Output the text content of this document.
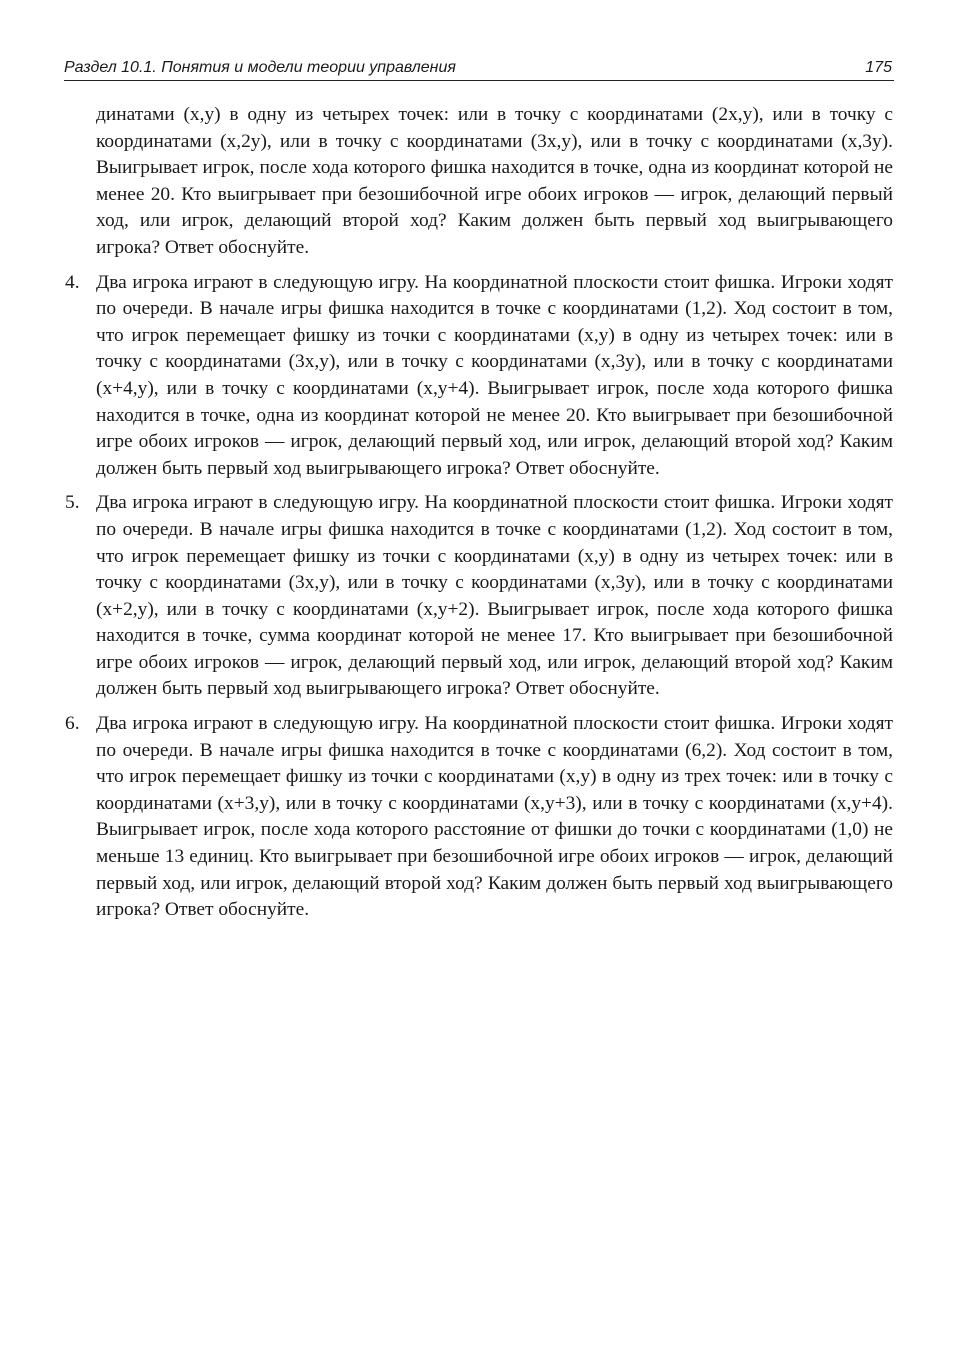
Раздел 10.1. Понятия и модели теории управления	175

динатами (x,y) в одну из четырех точек: или в точку с координатами (2x,y), или в точку с координатами (x,2y), или в точку с координатами (3x,y), или в точку с координатами (x,3y). Выигрывает игрок, после хода которого фишка находится в точке, одна из координат которой не менее 20. Кто выигрывает при безошибочной игре обоих игроков — игрок, делающий первый ход, или игрок, делающий второй ход? Каким должен быть первый ход выигрывающего игрока? Ответ обоснуйте.

4. Два игрока играют в следующую игру. На координатной плоскости стоит фишка. Игроки ходят по очереди. В начале игры фишка находится в точке с координатами (1,2). Ход состоит в том, что игрок перемещает фишку из точки с координатами (x,y) в одну из четырех точек: или в точку с координатами (3x,y), или в точку с координатами (x,3y), или в точку с координатами (x+4,y), или в точку с координатами (x,y+4). Выигрывает игрок, после хода которого фишка находится в точке, одна из координат которой не менее 20. Кто выигрывает при безошибочной игре обоих игроков — игрок, делающий первый ход, или игрок, делающий второй ход? Каким должен быть первый ход выигрывающего игрока? Ответ обоснуйте.
5. Два игрока играют в следующую игру. На координатной плоскости стоит фишка. Игроки ходят по очереди. В начале игры фишка находится в точке с координатами (1,2). Ход состоит в том, что игрок перемещает фишку из точки с координатами (x,y) в одну из четырех точек: или в точку с координатами (3x,y), или в точку с координатами (x,3y), или в точку с координатами (x+2,y), или в точку с координатами (x,y+2). Выигрывает игрок, после хода которого фишка находится в точке, сумма координат которой не менее 17. Кто выигрывает при безошибочной игре обоих игроков — игрок, делающий первый ход, или игрок, делающий второй ход? Каким должен быть первый ход выигрывающего игрока? Ответ обоснуйте.
6. Два игрока играют в следующую игру. На координатной плоскости стоит фишка. Игроки ходят по очереди. В начале игры фишка находится в точке с координатами (6,2). Ход состоит в том, что игрок перемещает фишку из точки с координатами (x,y) в одну из трех точек: или в точку с координатами (x+3,y), или в точку с координатами (x,y+3), или в точку с координатами (x,y+4). Выигрывает игрок, после хода которого расстояние от фишки до точки с координатами (1,0) не меньше 13 единиц. Кто выигрывает при безошибочной игре обоих игроков — игрок, делающий первый ход, или игрок, делающий второй ход? Каким должен быть первый ход выигрывающего игрока? Ответ обоснуйте.
